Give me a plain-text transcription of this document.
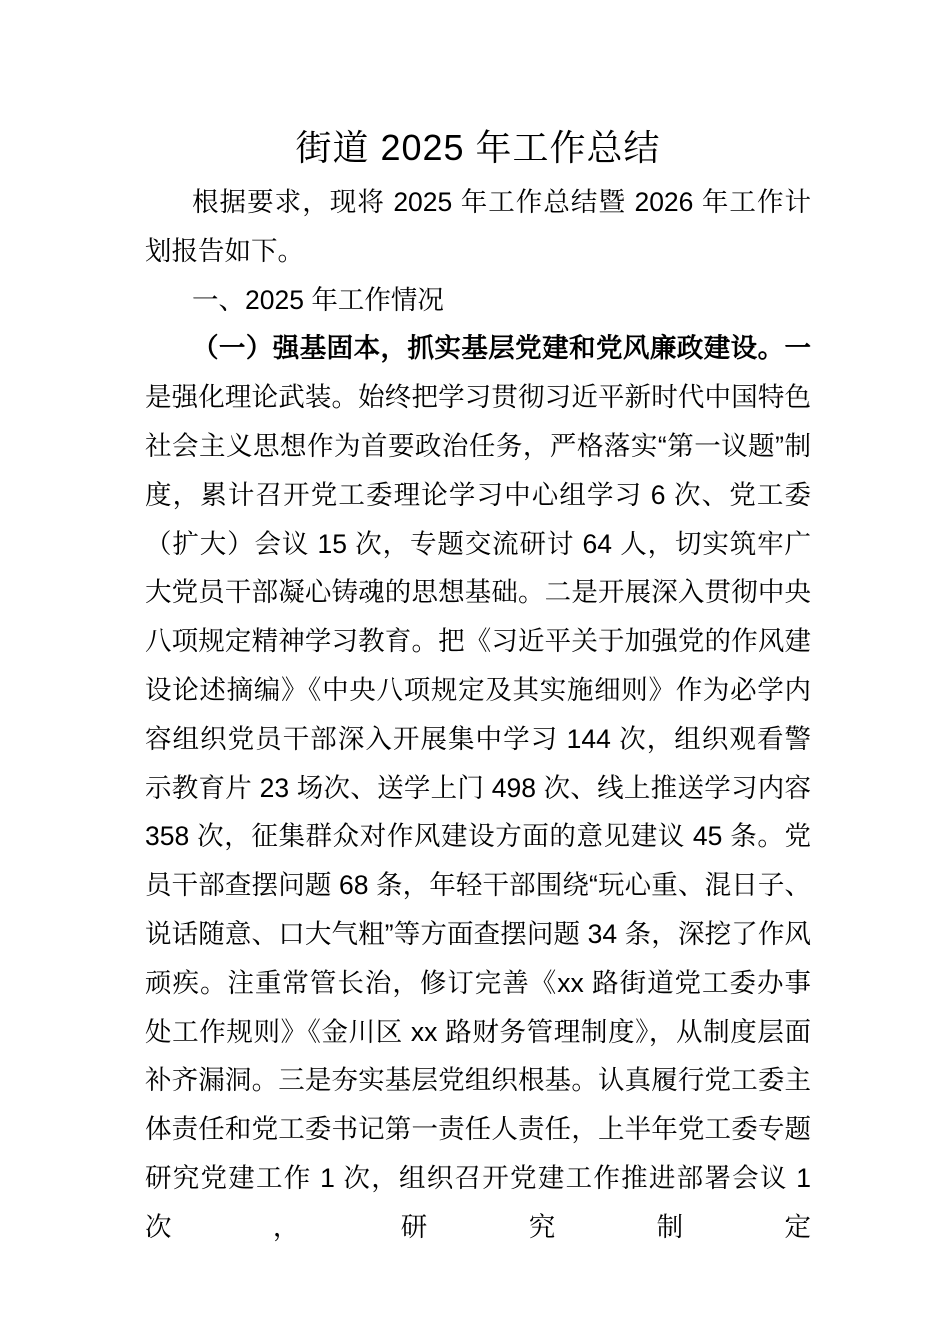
街道 2025 年工作总结

根据要求，现将 2025 年工作总结暨 2026 年工作计划报告如下。

一、2025 年工作情况

（一）强基固本，抓实基层党建和党风廉政建设。一是强化理论武装。始终把学习贯彻习近平新时代中国特色社会主义思想作为首要政治任务，严格落实“第一议题”制度，累计召开党工委理论学习中心组学习 6 次、党工委（扩大）会议 15 次，专题交流研讨 64 人，切实筑牢广大党员干部凝心铸魂的思想基础。二是开展深入贯彻中央八项规定精神学习教育。把《习近平关于加强党的作风建设论述摘编》《中央八项规定及其实施细则》作为必学内容组织党员干部深入开展集中学习 144 次，组织观看警示教育片 23 场次、送学上门 498 次、线上推送学习内容 358 次，征集群众对作风建设方面的意见建议 45 条。党员干部查摆问题 68 条，年轻干部围绕“玩心重、混日子、说话随意、口大气粗”等方面查摆问题 34 条，深挖了作风顽疾。注重常管长治，修订完善《xx 路街道党工委办事处工作规则》《金川区 xx 路财务管理制度》，从制度层面补齐漏洞。三是夯实基层党组织根基。认真履行党工委主体责任和党工委书记第一责任人责任，上半年党工委专题研究党建工作 1 次，组织召开党建工作推进部署会议 1 次，研究制定
